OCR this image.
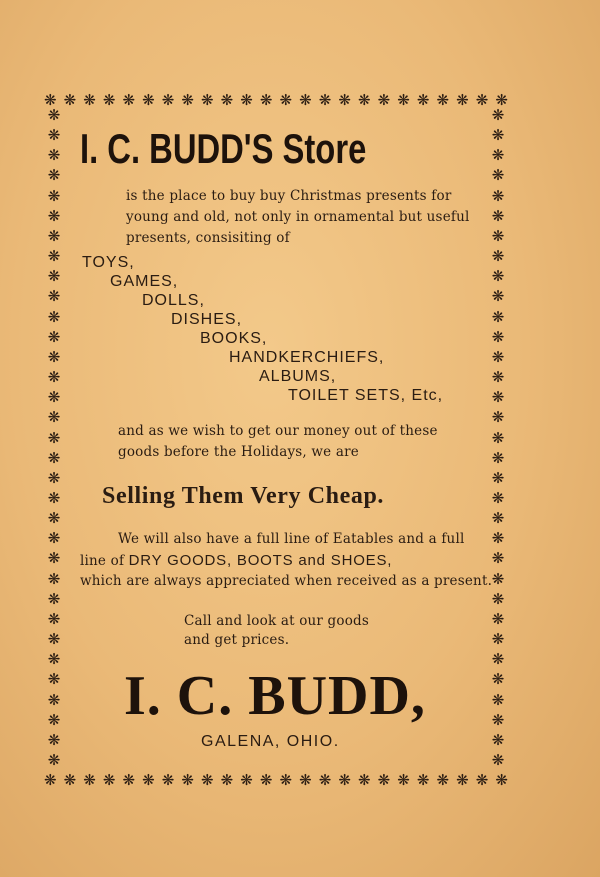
❋ ❋ ❋ ❋ ❋ ❋ ❋ ❋ ❋ ❋ ❋ ❋ ❋ ❋ ❋ ❋ ❋ ❋ ❋ ❋ ❋ ❋ ❋ ❋
❋ ❋ ❋ ❋ ❋ ❋ ❋ ❋ ❋ ❋ ❋ ❋ ❋ ❋ ❋ ❋ ❋ ❋ ❋ ❋ ❋ ❋ ❋ ❋
❋
❋
❋
❋
❋
❋
❋
❋
❋
❋
❋
❋
❋
❋
❋
❋
❋
❋
❋
❋
❋
❋
❋
❋
❋
❋
❋
❋
❋
❋
❋
❋
❋
❋
❋
❋
❋
❋
❋
❋
❋
❋
❋
❋
❋
❋
❋
❋
❋
❋
❋
❋
❋
❋
❋
❋
❋
❋
❋
❋
❋
❋
❋
❋
❋
❋
I. C. BUDD'S Store
is the place to buy buy Christmas presents for
young and old, not only in ornamental but useful
presents, consisiting of
TOYS,
GAMES,
DOLLS,
DISHES,
BOOKS,
HANDKERCHIEFS,
ALBUMS,
TOILET SETS, Etc,
and as we wish to get our money out of these
goods before the Holidays, we are
Selling Them Very Cheap.
We will also have a full line of Eatables and a full
line of DRY GOODS, BOOTS and SHOES,
which are always appreciated when received as a present.
Call and look at our goods
and get prices.
I. C. BUDD,
GALENA, OHIO.
